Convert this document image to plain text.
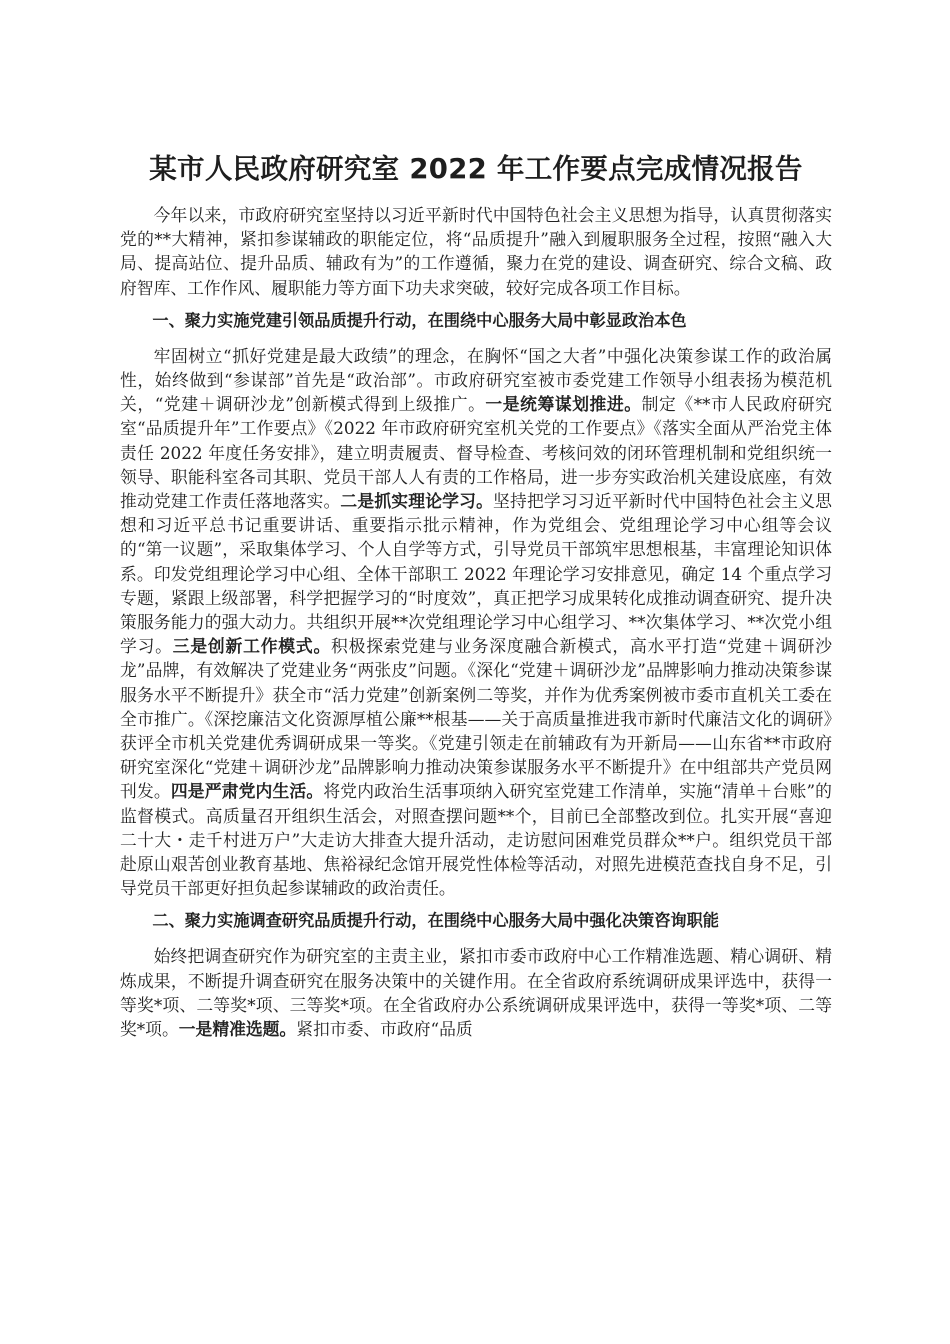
某市人民政府研究室 2022 年工作要点完成情况报告

今年以来，市政府研究室坚持以习近平新时代中国特色社会主义思想为指导，认真贯彻落实党的**大精神，紧扣参谋辅政的职能定位，将“品质提升”融入到履职服务全过程，按照“融入大局、提高站位、提升品质、辅政有为”的工作遵循，聚力在党的建设、调查研究、综合文稿、政府智库、工作作风、履职能力等方面下功夫求突破，较好完成各项工作目标。

一、聚力实施党建引领品质提升行动，在围绕中心服务大局中彰显政治本色

牢固树立“抓好党建是最大政绩”的理念，在胸怀“国之大者”中强化决策参谋工作的政治属性，始终做到“参谋部”首先是“政治部”。市政府研究室被市委党建工作领导小组表扬为模范机关，“党建＋调研沙龙”创新模式得到上级推广。一是统筹谋划推进。制定《**市人民政府研究室“品质提升年”工作要点》《2022 年市政府研究室机关党的工作要点》《落实全面从严治党主体责任 2022 年度任务安排》，建立明责履责、督导检查、考核问效的闭环管理机制和党组织统一领导、职能科室各司其职、党员干部人人有责的工作格局，进一步夯实政治机关建设底座，有效推动党建工作责任落地落实。二是抓实理论学习。坚持把学习习近平新时代中国特色社会主义思想和习近平总书记重要讲话、重要指示批示精神，作为党组会、党组理论学习中心组等会议的“第一议题”，采取集体学习、个人自学等方式，引导党员干部筑牢思想根基，丰富理论知识体系。印发党组理论学习中心组、全体干部职工 2022 年理论学习安排意见，确定 14 个重点学习专题，紧跟上级部署，科学把握学习的“时度效”，真正把学习成果转化成推动调查研究、提升决策服务能力的强大动力。共组织开展**次党组理论学习中心组学习、**次集体学习、**次党小组学习。三是创新工作模式。积极探索党建与业务深度融合新模式，高水平打造“党建＋调研沙龙”品牌，有效解决了党建业务“两张皮”问题。《深化“党建＋调研沙龙”品牌影响力推动决策参谋服务水平不断提升》获全市“活力党建”创新案例二等奖，并作为优秀案例被市委市直机关工委在全市推广。《深挖廉洁文化资源厚植公廉**根基——关于高质量推进我市新时代廉洁文化的调研》获评全市机关党建优秀调研成果一等奖。《党建引领走在前辅政有为开新局——山东省**市政府研究室深化“党建＋调研沙龙”品牌影响力推动决策参谋服务水平不断提升》在中组部共产党员网刊发。四是严肃党内生活。将党内政治生活事项纳入研究室党建工作清单，实施“清单＋台账”的监督模式。高质量召开组织生活会，对照查摆问题**个，目前已全部整改到位。扎实开展“喜迎二十大・走千村进万户”大走访大排查大提升活动，走访慰问困难党员群众**户。组织党员干部赴原山艰苦创业教育基地、焦裕禄纪念馆开展党性体检等活动，对照先进模范查找自身不足，引导党员干部更好担负起参谋辅政的政治责任。

二、聚力实施调查研究品质提升行动，在围绕中心服务大局中强化决策咨询职能

始终把调查研究作为研究室的主责主业，紧扣市委市政府中心工作精准选题、精心调研、精炼成果，不断提升调查研究在服务决策中的关键作用。在全省政府系统调研成果评选中，获得一等奖*项、二等奖*项、三等奖*项。在全省政府办公系统调研成果评选中，获得一等奖*项、二等奖*项。一是精准选题。紧扣市委、市政府“品质
